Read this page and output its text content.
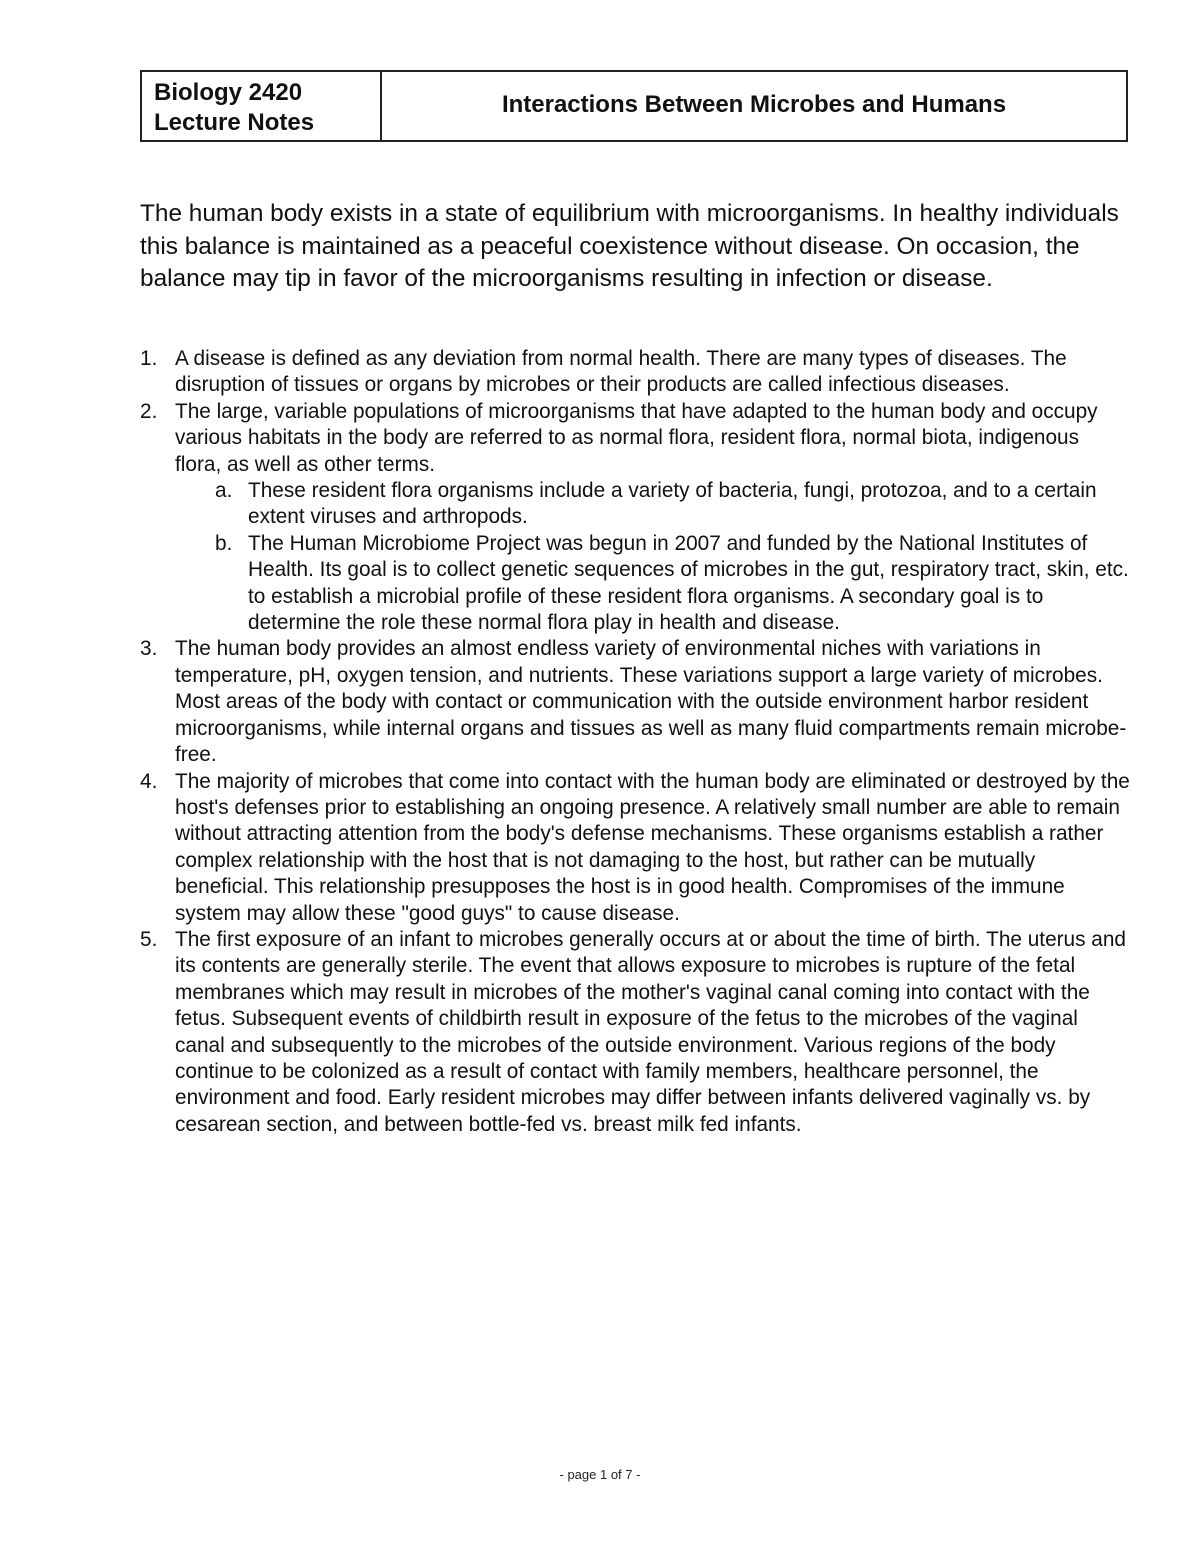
Biology 2420
Lecture Notes
Interactions Between Microbes and Humans

The human body exists in a state of equilibrium with microorganisms. In healthy individuals this balance is maintained as a peaceful coexistence without disease. On occasion, the balance may tip in favor of the microorganisms resulting in infection or disease.

1. A disease is defined as any deviation from normal health. There are many types of diseases. The disruption of tissues or organs by microbes or their products are called infectious diseases.
2. The large, variable populations of microorganisms that have adapted to the human body and occupy various habitats in the body are referred to as normal flora, resident flora, normal biota, indigenous flora, as well as other terms.
a. These resident flora organisms include a variety of bacteria, fungi, protozoa, and to a certain extent viruses and arthropods.
b. The Human Microbiome Project was begun in 2007 and funded by the National Institutes of Health. Its goal is to collect genetic sequences of microbes in the gut, respiratory tract, skin, etc. to establish a microbial profile of these resident flora organisms. A secondary goal is to determine the role these normal flora play in health and disease.
3. The human body provides an almost endless variety of environmental niches with variations in temperature, pH, oxygen tension, and nutrients. These variations support a large variety of microbes. Most areas of the body with contact or communication with the outside environment harbor resident microorganisms, while internal organs and tissues as well as many fluid compartments remain microbe-free.
4. The majority of microbes that come into contact with the human body are eliminated or destroyed by the host's defenses prior to establishing an ongoing presence. A relatively small number are able to remain without attracting attention from the body's defense mechanisms. These organisms establish a rather complex relationship with the host that is not damaging to the host, but rather can be mutually beneficial. This relationship presupposes the host is in good health. Compromises of the immune system may allow these "good guys" to cause disease.
5. The first exposure of an infant to microbes generally occurs at or about the time of birth. The uterus and its contents are generally sterile. The event that allows exposure to microbes is rupture of the fetal membranes which may result in microbes of the mother's vaginal canal coming into contact with the fetus. Subsequent events of childbirth result in exposure of the fetus to the microbes of the vaginal canal and subsequently to the microbes of the outside environment. Various regions of the body continue to be colonized as a result of contact with family members, healthcare personnel, the environment and food. Early resident microbes may differ between infants delivered vaginally vs. by cesarean section, and between bottle-fed vs. breast milk fed infants.
- page 1 of 7 -
